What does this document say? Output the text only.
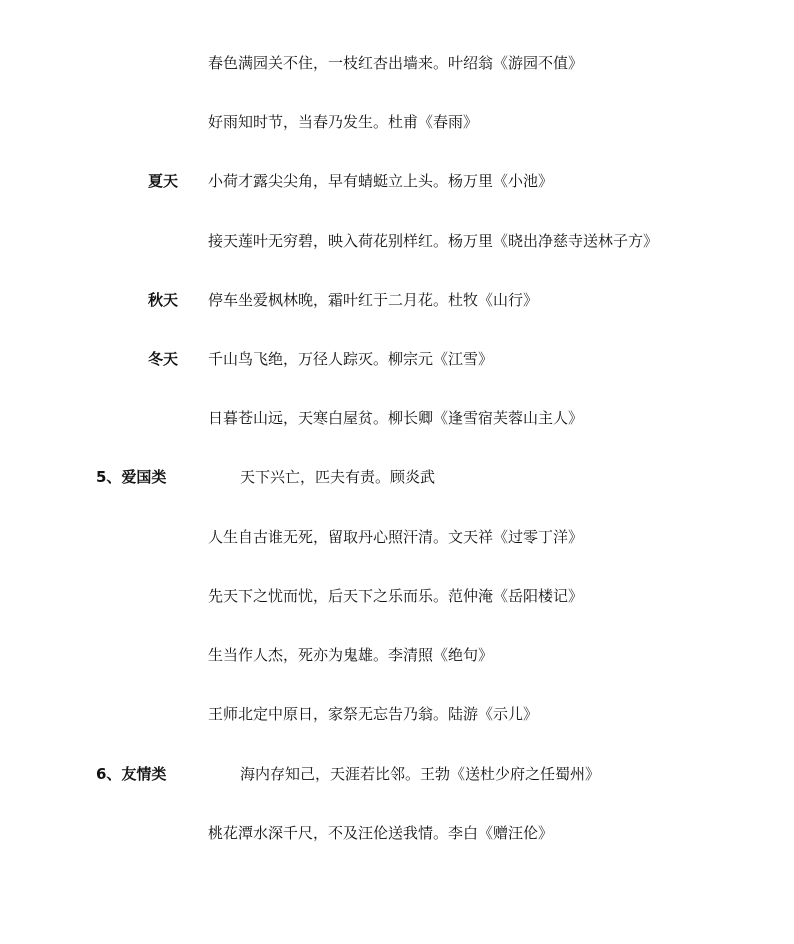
春色满园关不住，一枝红杏出墙来。叶绍翁《游园不值》
好雨知时节，当春乃发生。杜甫《春雨》
夏天 小荷才露尖尖角，早有蜻蜓立上头。杨万里《小池》
接天莲叶无穷碧，映入荷花别样红。杨万里《晓出净慈寺送林子方》
秋天 停车坐爱枫林晚，霜叶红于二月花。杜牧《山行》
冬天 千山鸟飞绝，万径人踪灭。柳宗元《江雪》
日暮苍山远，天寒白屋贫。柳长卿《逢雪宿芙蓉山主人》
5、爱国类	天下兴亡，匹夫有责。顾炎武
人生自古谁无死，留取丹心照汗清。文天祥《过零丁洋》
先天下之忧而忧，后天下之乐而乐。范仲淹《岳阳楼记》
生当作人杰，死亦为鬼雄。李清照《绝句》
王师北定中原日，家祭无忘告乃翁。陆游《示儿》
6、友情类	海内存知己，天涯若比邻。王勃《送杜少府之任蜀州》
桃花潭水深千尺，不及汪伦送我情。李白《赠汪伦》
